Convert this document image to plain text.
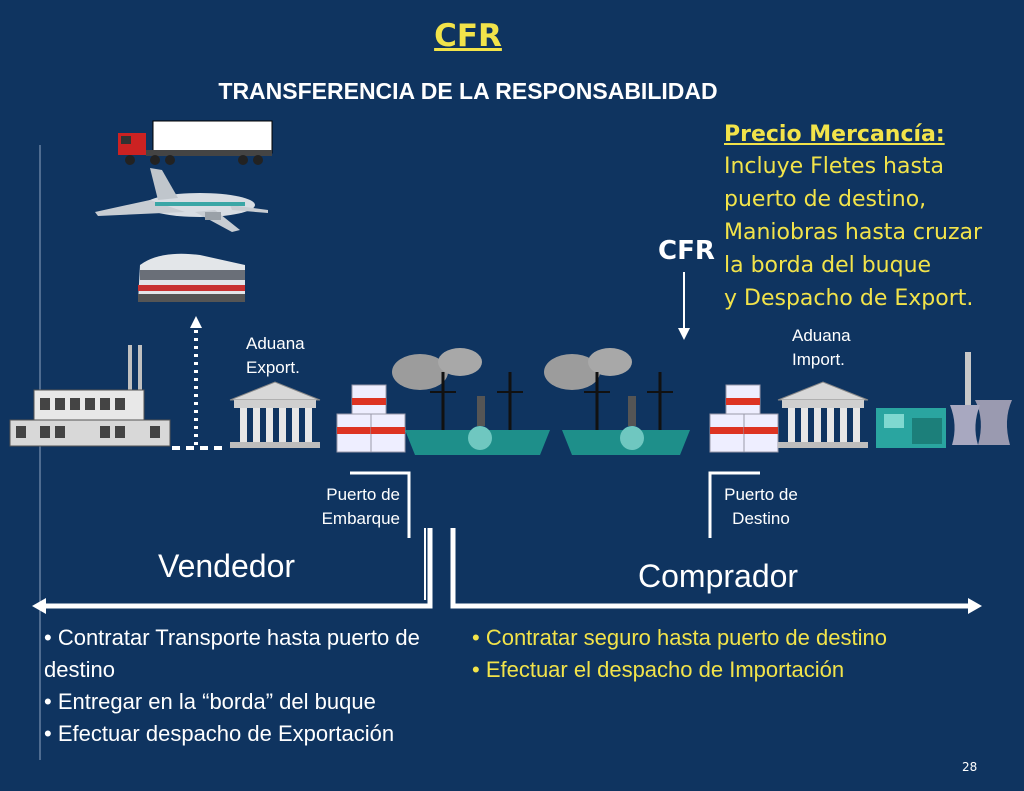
CFR
TRANSFERENCIA DE LA RESPONSABILIDAD
Precio Mercancía:
Incluye Fletes hasta
puerto de destino,
Maniobras hasta cruzar
la borda del buque
y Despacho de Export.
CFR
Aduana
Export.
Aduana
Import.
Puerto de
Embarque
Puerto de
Destino
Vendedor	Comprador
• Contratar Transporte hasta puerto de destino
• Entregar en la “borda” del buque
• Efectuar despacho de Exportación
• Contratar seguro hasta puerto de destino
• Efectuar el despacho de Importación
28
